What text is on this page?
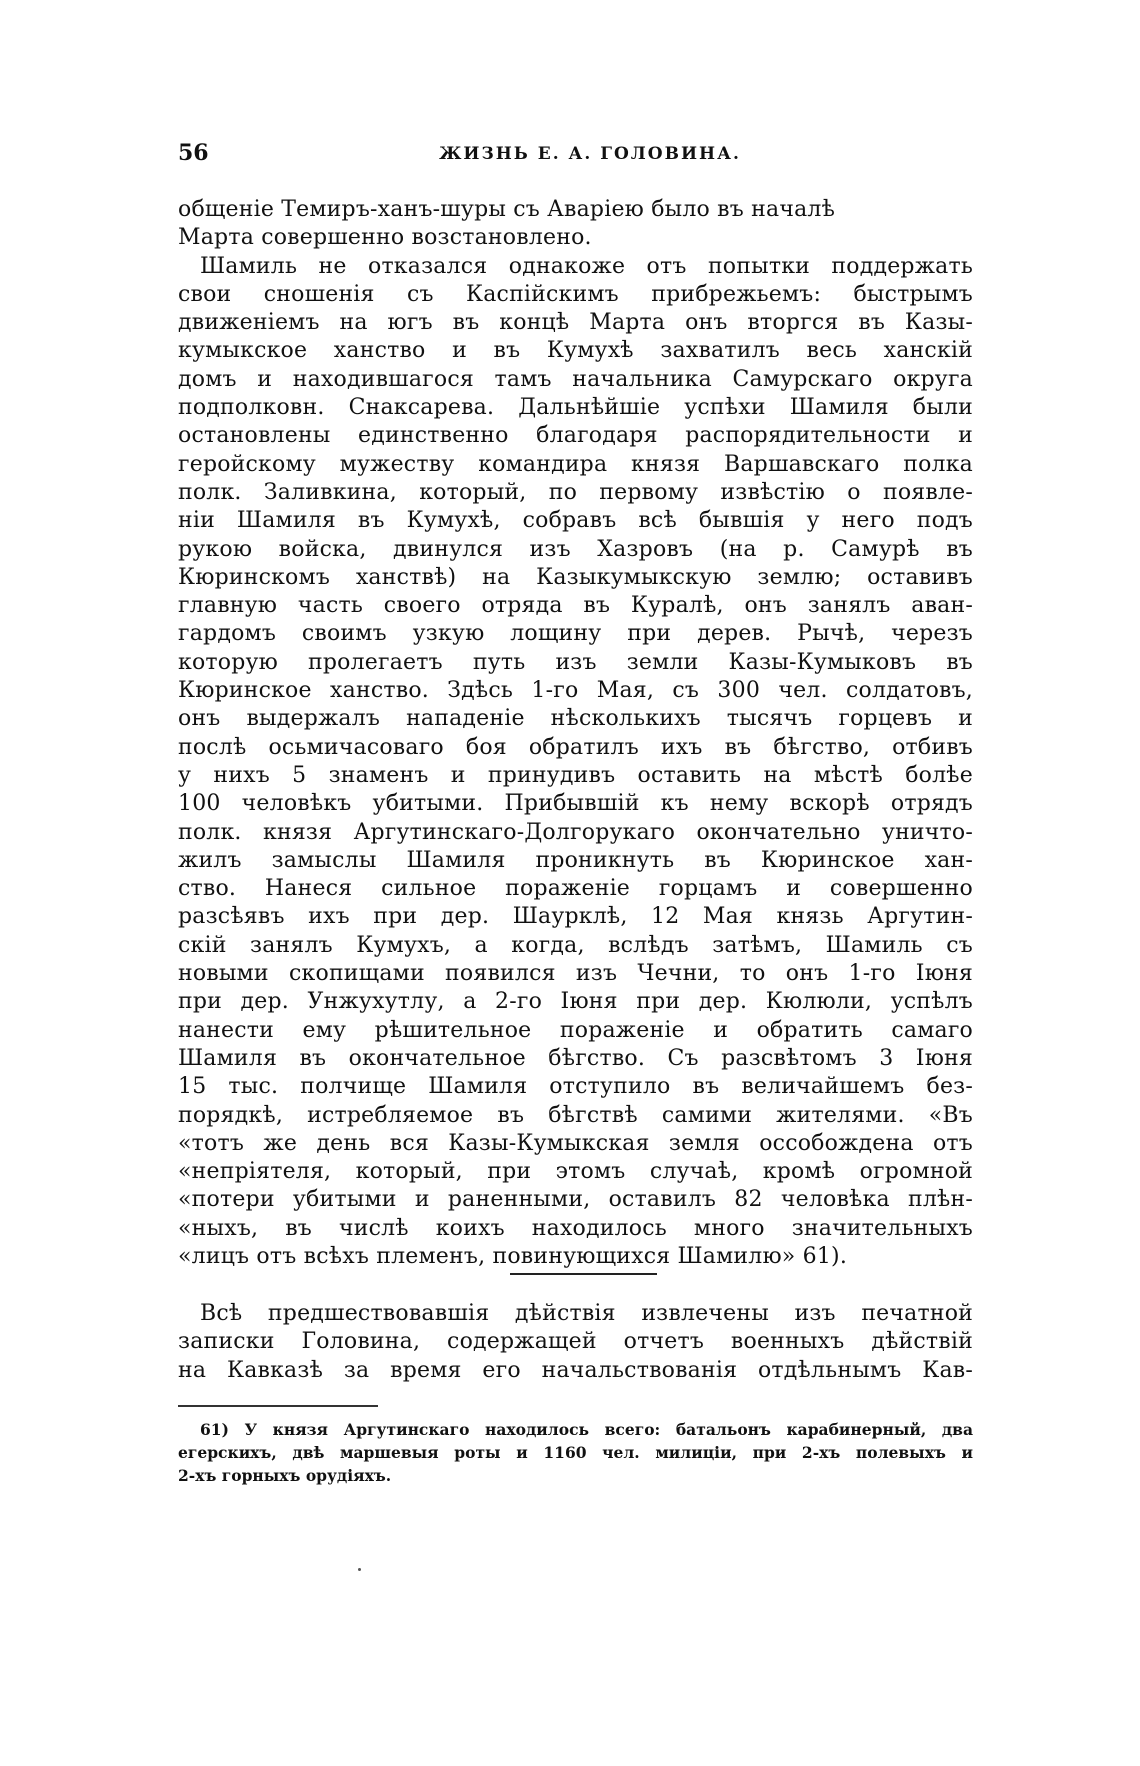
56	ЖИЗНЬ Е. А. ГОЛОВИНА.
общенiе Темиръ-ханъ-шуры съ Аварiею было въ началѣ
Марта совершенно возстановлено.
Шамиль не отказался однакоже отъ попытки поддержать
свои сношенiя съ Каспiйскимъ прибрежьемъ: быстрымъ
движенiемъ на югъ въ концѣ Марта онъ вторгся въ Казы-
кумыкское ханство и въ Кумухѣ захватилъ весь ханскiй
домъ и находившагося тамъ начальника Самурскаго округа
подполковн. Снаксарева. Дальнѣйшiе успѣхи Шамиля были
остановлены единственно благодаря распорядительности и
геройскому мужеству командира князя Варшавскаго полка
полк. Заливкина, который, по первому извѣстiю о появле-
нiи Шамиля въ Кумухѣ, собравъ всѣ бывшiя у него подъ
рукою войска, двинулся изъ Хазровъ (на р. Самурѣ въ
Кюринскомъ ханствѣ) на Казыкумыкскую землю; оставивъ
главную часть своего отряда въ Куралѣ, онъ занялъ аван-
гардомъ своимъ узкую лощину при дерев. Рычѣ, черезъ
которую пролегаетъ путь изъ земли Казы-Кумыковъ въ
Кюринское ханство. Здѣсь 1-го Мая, съ 300 чел. солдатовъ,
онъ выдержалъ нападенiе нѣсколькихъ тысячъ горцевъ и
послѣ осьмичасоваго боя обратилъ ихъ въ бѣгство, отбивъ
у нихъ 5 знаменъ и принудивъ оставить на мѣстѣ болѣе
100 человѣкъ убитыми. Прибывшiй къ нему вскорѣ отрядъ
полк. князя Аргутинскаго-Долгорукаго окончательно уничто-
жилъ замыслы Шамиля проникнуть въ Кюринское хан-
ство. Нанеся сильное пораженiе горцамъ и совершенно
разсѣявъ ихъ при дер. Шаурклѣ, 12 Мая князь Аргутин-
скiй занялъ Кумухъ, а когда, вслѣдъ затѣмъ, Шамиль съ
новыми скопищами появился изъ Чечни, то онъ 1-го Iюня
при дер. Унжухутлу, а 2-го Iюня при дер. Кюлюли, успѣлъ
нанести ему рѣшительное пораженiе и обратить самаго
Шамиля въ окончательное бѣгство. Съ разсвѣтомъ 3 Iюня
15 тыс. полчище Шамиля отступило въ величайшемъ без-
порядкѣ, истребляемое въ бѣгствѣ самими жителями. «Въ
«тотъ же день вся Казы-Кумыкская земля оссобождена отъ
«непрiятеля, который, при этомъ случаѣ, кромѣ огромной
«потери убитыми и раненными, оставилъ 82 человѣка плѣн-
«ныхъ, въ числѣ коихъ находилось много значительныхъ
«лицъ отъ всѣхъ племенъ, повинующихся Шамилю» 61).
Всѣ предшествовавшiя дѣйствiя извлечены изъ печатной
записки Головина, содержащей отчетъ военныхъ дѣйствiй
на Кавказѣ за время его начальствованiя отдѣльнымъ Кав-
61) У князя Аргутинскаго находилось всего: батальонъ карабинерный, два
егерскихъ, двѣ маршевыя роты и 1160 чел. милицiи, при 2-хъ полевыхъ и
2-хъ горныхъ орудiяхъ.
